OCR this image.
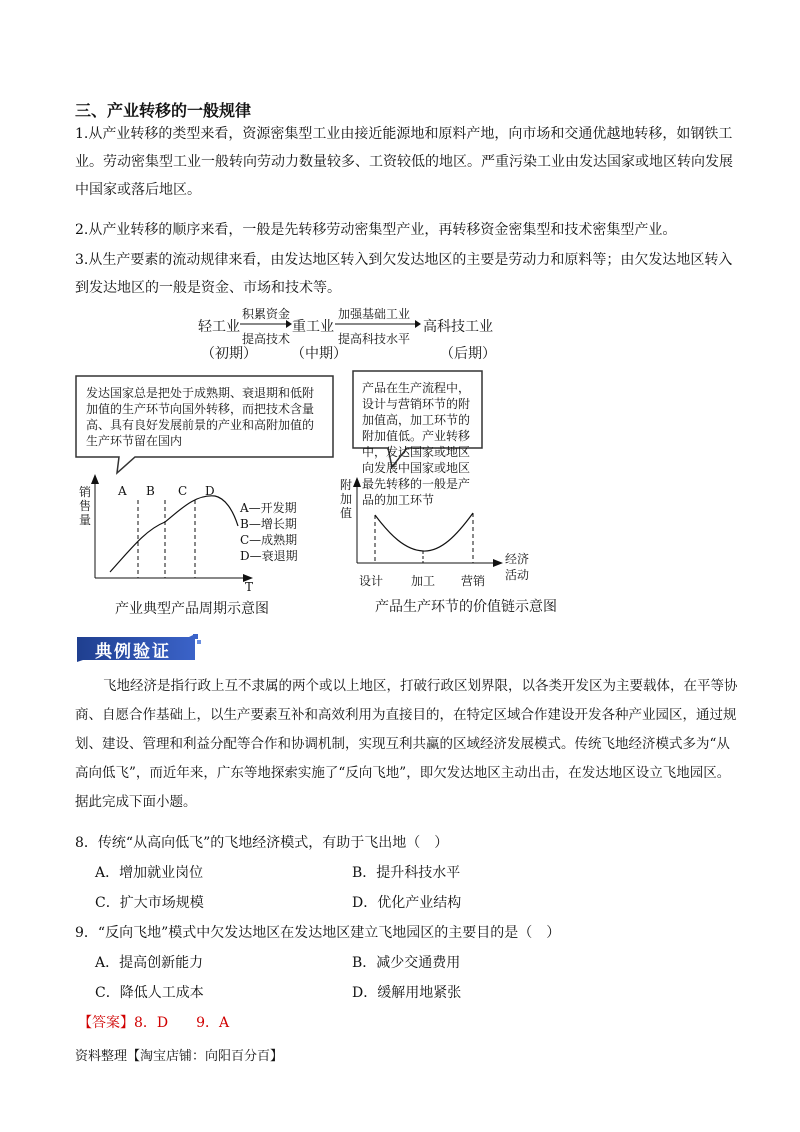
三、产业转移的一般规律
1.从产业转移的类型来看，资源密集型工业由接近能源地和原料产地，向市场和交通优越地转移，如钢铁工业。劳动密集型工业一般转向劳动力数量较多、工资较低的地区。严重污染工业由发达国家或地区转向发展中国家或落后地区。
2.从产业转移的顺序来看，一般是先转移劳动密集型产业，再转移资金密集型和技术密集型产业。
3.从生产要素的流动规律来看，由发达地区转入到欠发达地区的主要是劳动力和原料等；由欠发达地区转入到发达地区的一般是资金、市场和技术等。
轻工业
（初期）
积累资金
提高技术
重工业
（中期）
加强基础工业
提高科技水平
高科技工业
（后期）
发达国家总是把处于成熟期、衰退期和低附加值的生产环节向国外转移，而把技术含量高、具有良好发展前景的产业和高附加值的生产环节留在国内
产品在生产流程中，设计与营销环节的附加值高，加工环节的附加值低。产业转移中，发达国家或地区向发展中国家或地区最先转移的一般是产品的加工环节
销售量
T
A B C D
A—开发期
B—增长期
C—成熟期
D—衰退期
产业典型产品周期示意图
附加值
经济
活动
设计 加工 营销
产品生产环节的价值链示意图
典例验证
飞地经济是指行政上互不隶属的两个或以上地区，打破行政区划界限，以各类开发区为主要载体，在平等协商、自愿合作基础上，以生产要素互补和高效利用为直接目的，在特定区域合作建设开发各种产业园区，通过规划、建设、管理和利益分配等合作和协调机制，实现互利共赢的区域经济发展模式。传统飞地经济模式多为“从高向低飞”，而近年来，广东等地探索实施了“反向飞地”，即欠发达地区主动出击，在发达地区设立飞地园区。据此完成下面小题。
8．传统“从高向低飞”的飞地经济模式，有助于飞出地（　）
A．增加就业岗位	B．提升科技水平
C．扩大市场规模	D．优化产业结构
9．“反向飞地”模式中欠发达地区在发达地区建立飞地园区的主要目的是（　）
A．提高创新能力	B．减少交通费用
C．降低人工成本	D．缓解用地紧张
【答案】8．D　　9．A
资料整理【淘宝店铺：向阳百分百】
